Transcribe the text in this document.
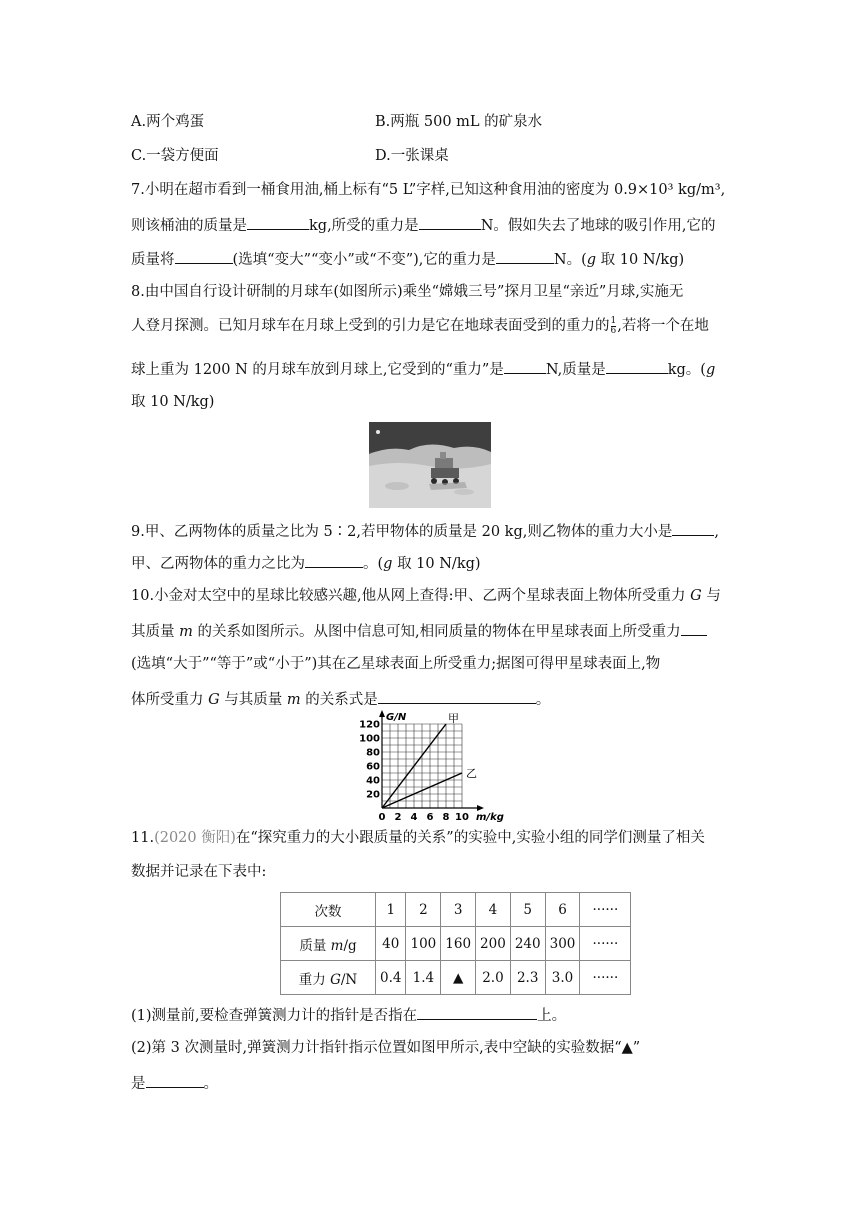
A.两个鸡蛋	B.两瓶 500 mL 的矿泉水
C.一袋方便面	D.一张课桌
7.小明在超市看到一桶食用油,桶上标有“5 L”字样,已知这种食用油的密度为 0.9×10³ kg/m³,
则该桶油的质量是	kg,所受的重力是	N。假如失去了地球的吸引作用,它的
质量将	(选填“变大”“变小”或“不变”),它的重力是	N。(g 取 10 N/kg)
8.由中国自行设计研制的月球车(如图所示)乘坐“嫦娥三号”探月卫星“亲近”月球,实施无
人登月探测。已知月球车在月球上受到的引力是它在地球表面受到的重力的 $\frac{1}{6}$ ,若将一个在地
球上重为 1200 N 的月球车放到月球上,它受到的“重力”是	N,质量是	kg。(g
取 10 N/kg)
9.甲、乙两物体的质量之比为 5∶2,若甲物体的质量是 20 kg,则乙物体的重力大小是	,
甲、乙两物体的重力之比为	。(g 取 10 N/kg)
10.小金对太空中的星球比较感兴趣,他从网上查得:甲、乙两个星球表面上物体所受重力 G 与
其质量 m 的关系如图所示。从图中信息可知,相同质量的物体在甲星球表面上所受重力
(选填“大于”“等于”或“小于”)其在乙星球表面上所受重力;据图可得甲星球表面上,物
体所受重力 G 与其质量 m 的关系式是	。
0 2 4 6 8 10
20
40
60
80
100
120
m/kg
G/N	甲
乙
11.(2020 衡阳)在“探究重力的大小跟质量的关系”的实验中,实验小组的同学们测量了相关
数据并记录在下表中:
次数	1	2	3	4	5	6	······
质量 m/g	40	100	160	200	240	300	······
重力 G/N	0.4	1.4	▲	2.0	2.3	3.0	······
(1)测量前,要检查弹簧测力计的指针是否指在	上。
(2)第 3 次测量时,弹簧测力计指针指示位置如图甲所示,表中空缺的实验数据“▲”
是	。
